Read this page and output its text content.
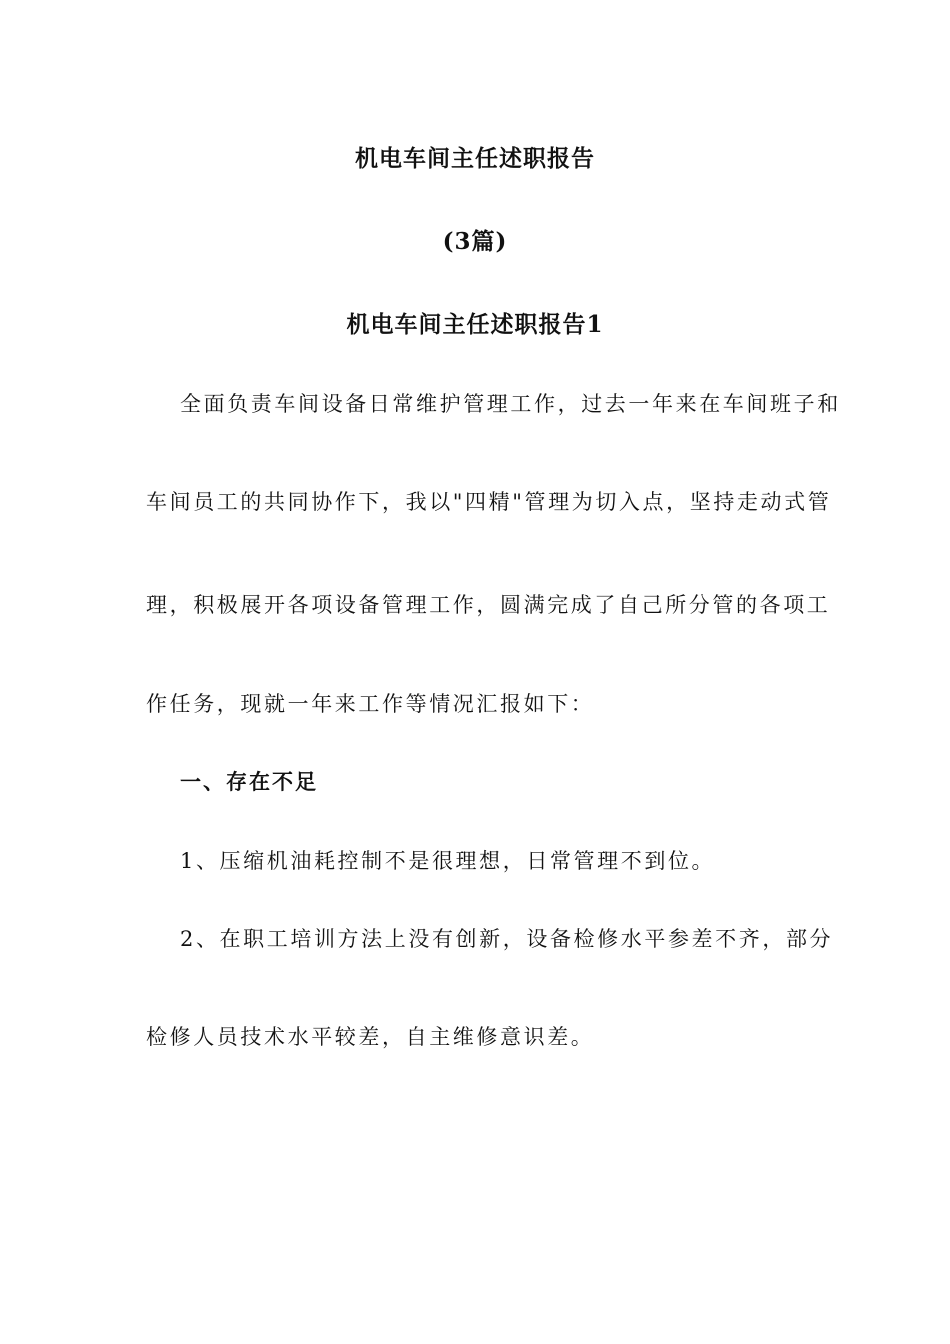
机电车间主任述职报告
(3篇)
机电车间主任述职报告1
全面负责车间设备日常维护管理工作，过去一年来在车间班子和
车间员工的共同协作下，我以"四精"管理为切入点，坚持走动式管
理，积极展开各项设备管理工作，圆满完成了自己所分管的各项工
作任务，现就一年来工作等情况汇报如下：
一、存在不足
1、压缩机油耗控制不是很理想，日常管理不到位。
2、在职工培训方法上没有创新，设备检修水平参差不齐，部分
检修人员技术水平较差，自主维修意识差。
